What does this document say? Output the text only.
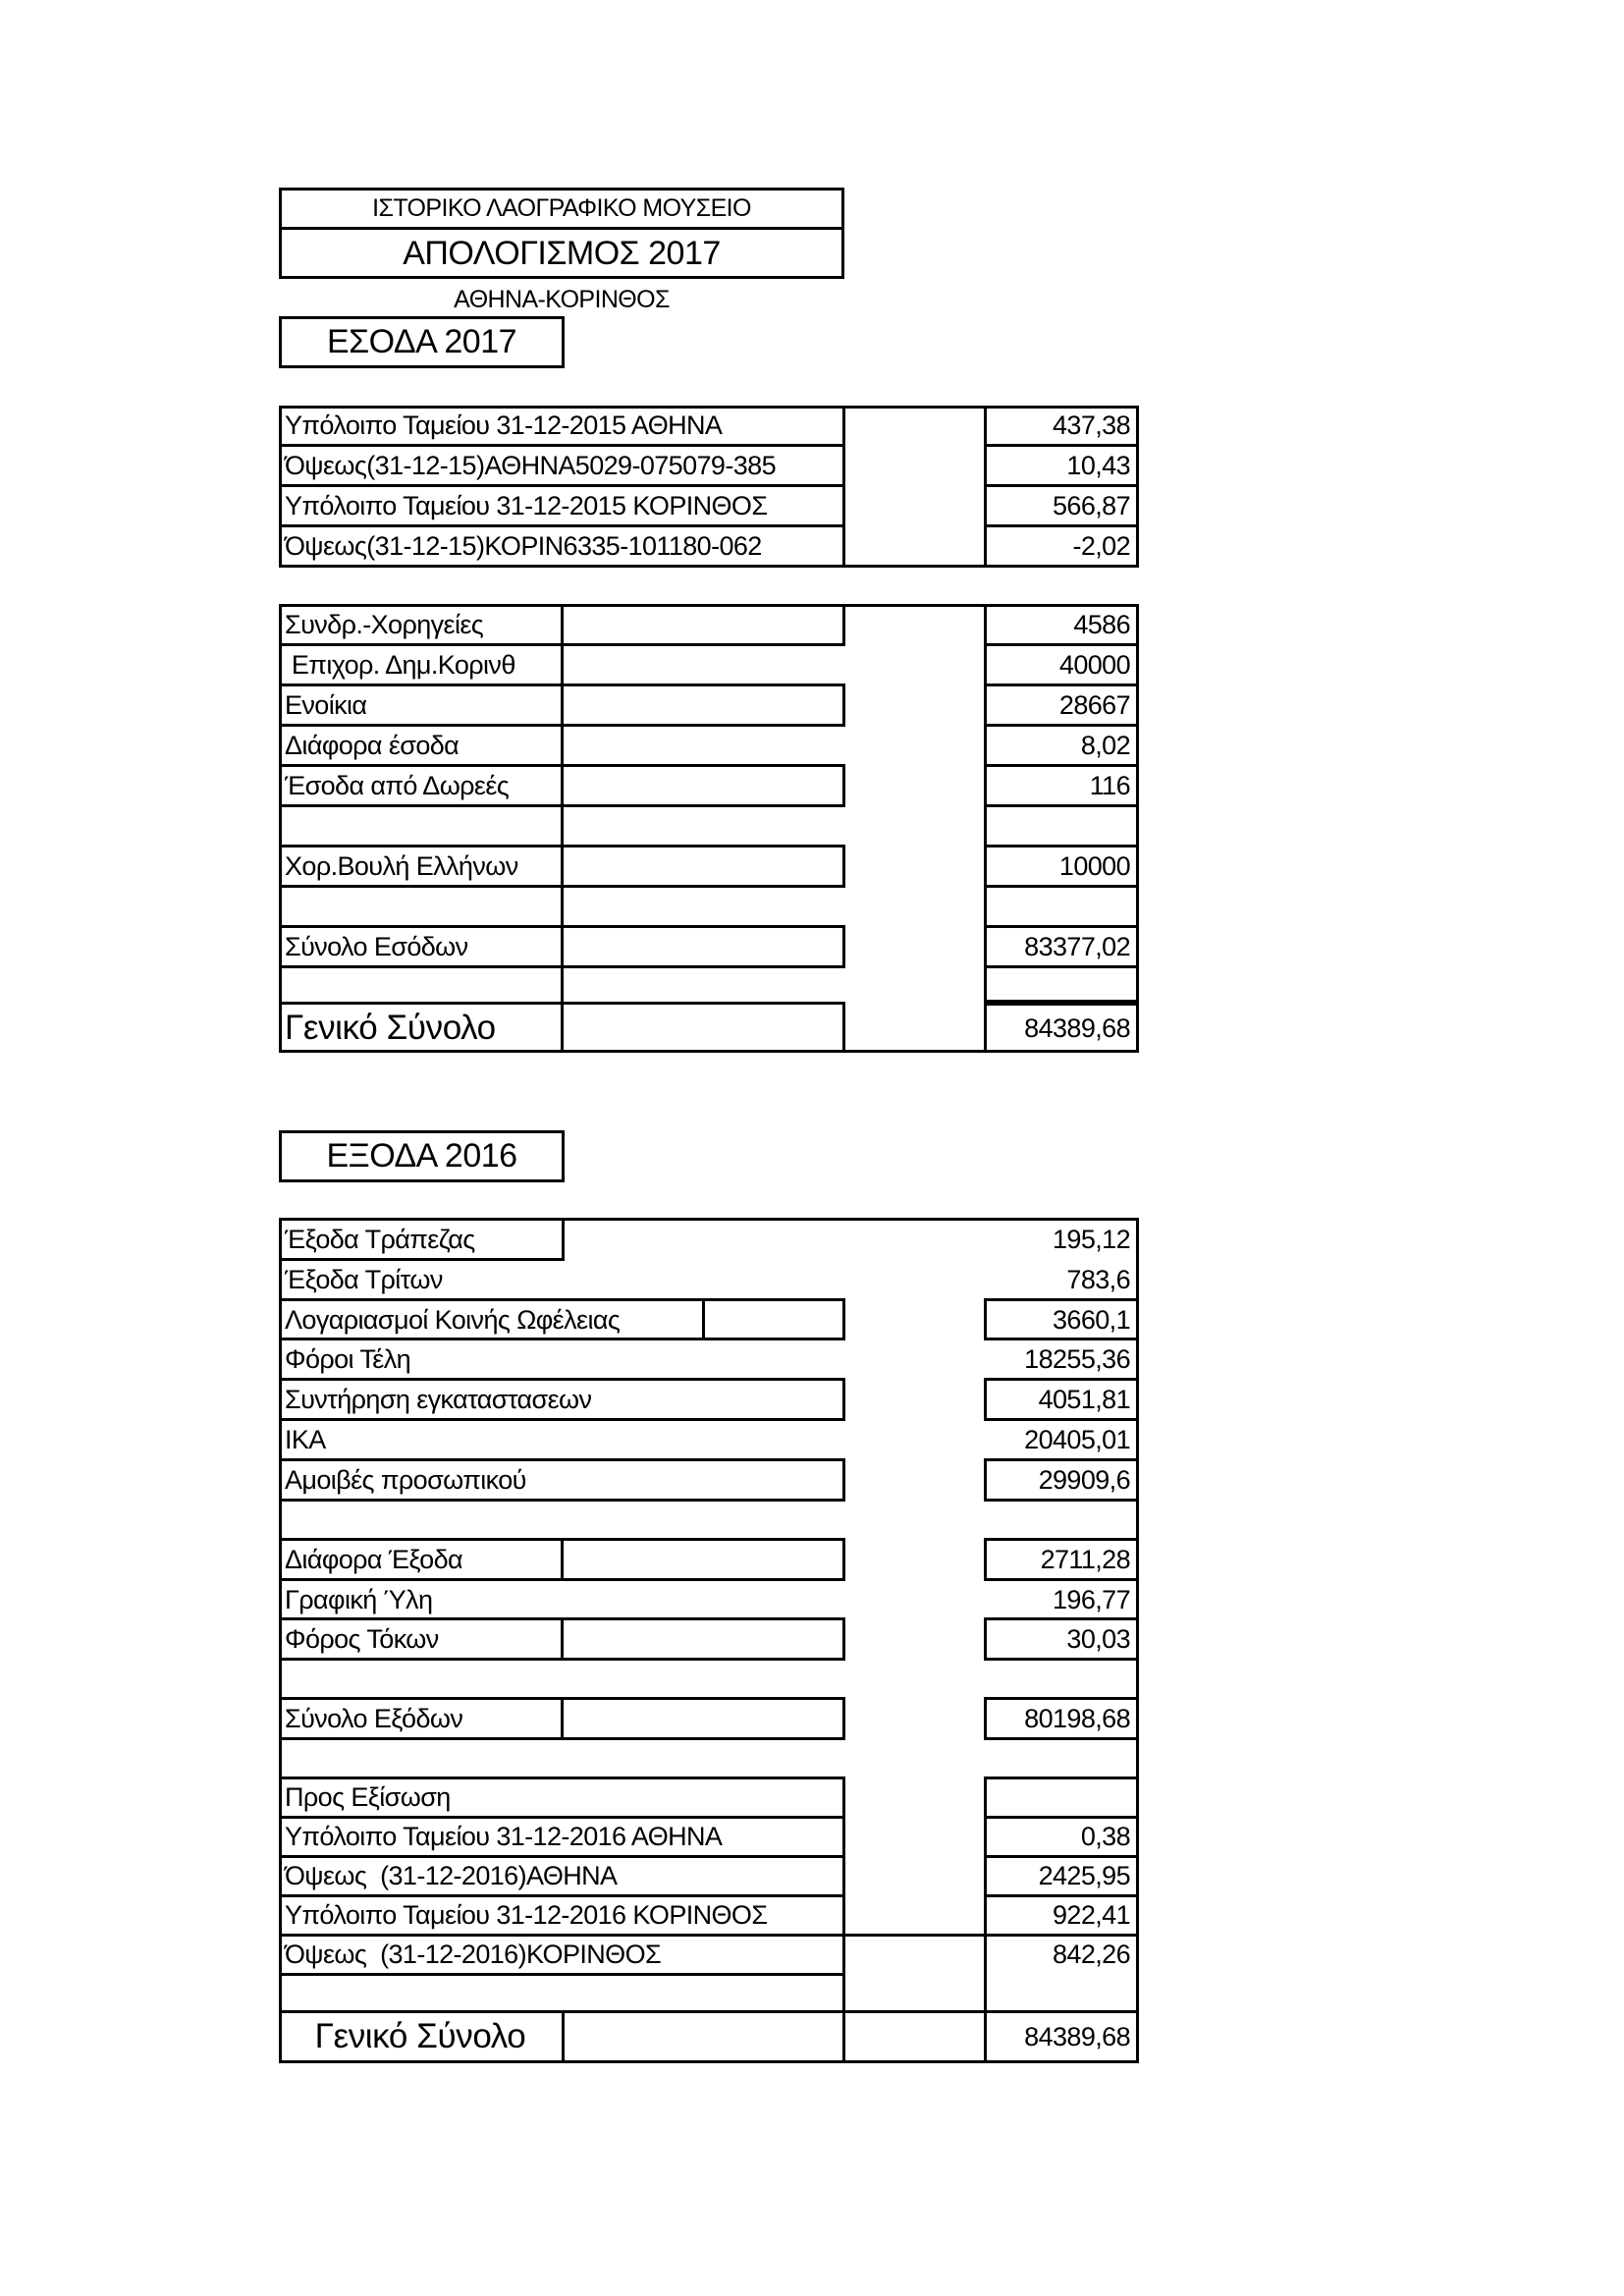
ΙΣΤΟΡΙΚΟ ΛΑΟΓΡΑΦΙΚΟ ΜΟΥΣΕΙΟ
ΑΠΟΛΟΓΙΣΜΟΣ 2017
ΑΘΗΝΑ-ΚΟΡΙΝΘΟΣ
ΕΣΟΔΑ 2017
Υπόλοιπο Ταμείου 31-12-2015 ΑΘΗΝΑ	437,38
Όψεως(31-12-15)ΑΘΗΝΑ5029-075079-385	10,43
Υπόλοιπο Ταμείου 31-12-2015 ΚΟΡΙΝΘΟΣ	566,87
Όψεως(31-12-15)ΚΟΡΙΝ6335-101180-062	-2,02
Συνδρ.-Χορηγείες	4586
Επιχορ. Δημ.Κορινθ	40000
Ενοίκια	28667
Διάφορα έσοδα	8,02
Έσοδα από Δωρεές	116
Χορ.Βουλή Ελλήνων	10000
Σύνολο Εσόδων	83377,02
Γενικό Σύνολο	84389,68
ΕΞΟΔΑ 2016
Έξοδα Τράπεζας	195,12
Έξοδα Τρίτων	783,6
Λογαριασμοί Κοινής Ωφέλειας	3660,1
Φόροι Τέλη	18255,36
Συντήρηση εγκαταστασεων	4051,81
ΙΚΑ	20405,01
Αμοιβές προσωπικού	29909,6
Διάφορα Έξοδα	2711,28
Γραφική Ύλη	196,77
Φόρος Τόκων	30,03
Σύνολο Εξόδων	80198,68
Προς Εξίσωση
Υπόλοιπο Ταμείου 31-12-2016 ΑΘΗΝΑ	0,38
Όψεως  (31-12-2016)ΑΘΗΝΑ	2425,95
Υπόλοιπο Ταμείου 31-12-2016 ΚΟΡΙΝΘΟΣ	922,41
Όψεως  (31-12-2016)ΚΟΡΙΝΘΟΣ	842,26
Γενικό Σύνολο	84389,68
